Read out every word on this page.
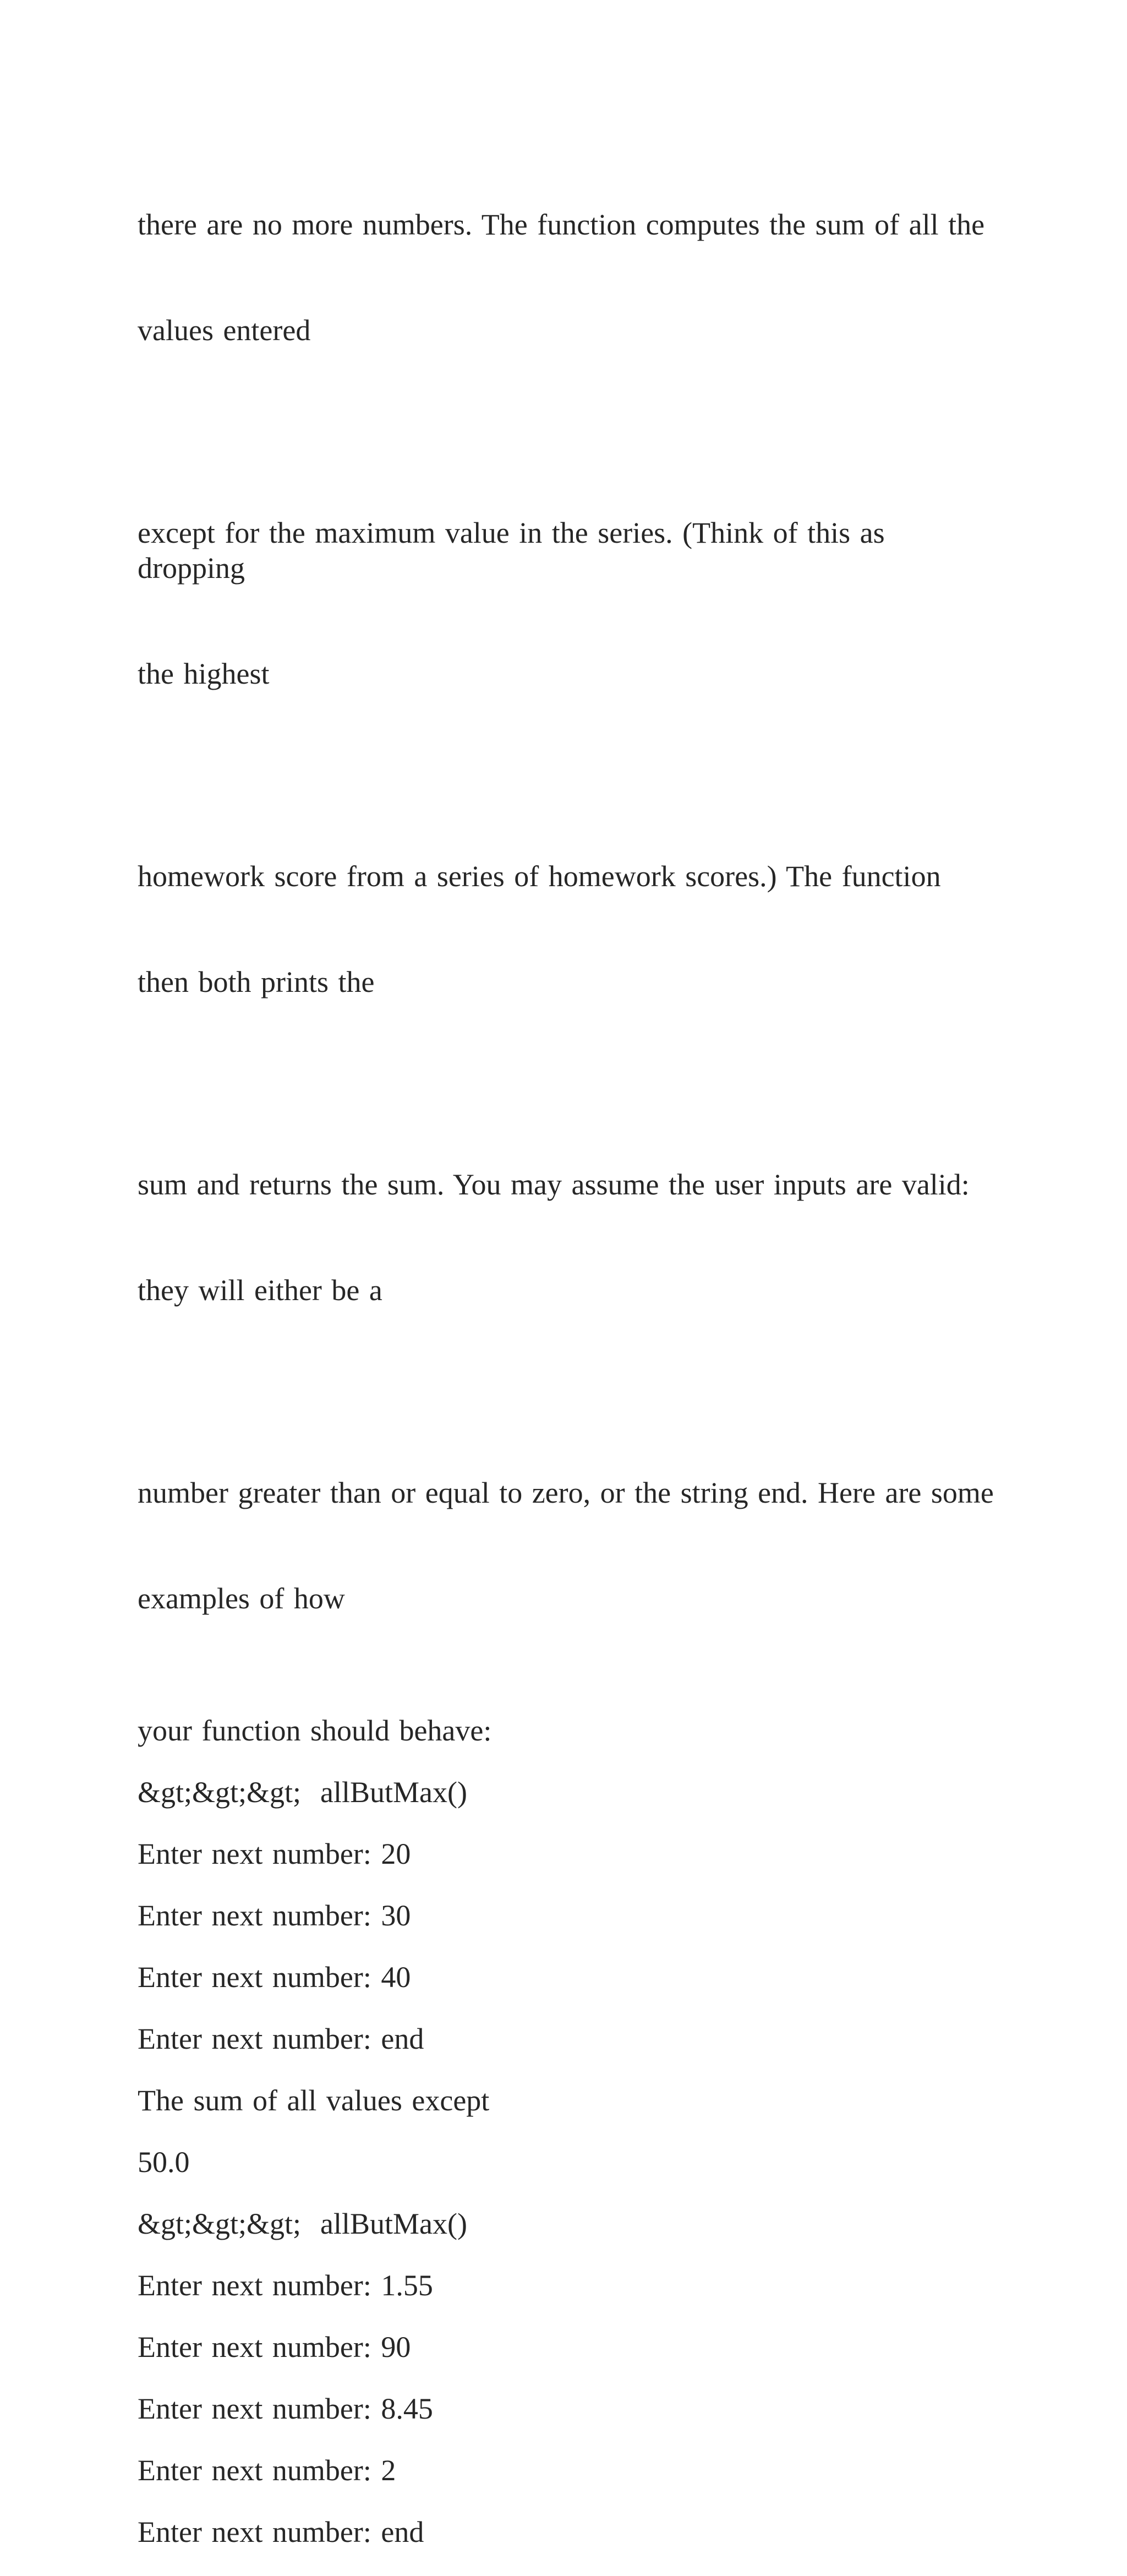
there are no more numbers. The function computes the sum of all the

values entered

except for the maximum value in the series. (Think of this as dropping

the highest

homework score from a series of homework scores.) The function

then both prints the

sum and returns the sum. You may assume the user inputs are valid:

they will either be a

number greater than or equal to zero, or the string end. Here are some

examples of how

your function should behave:

&gt;&gt;&gt;  allButMax()

Enter next number: 20

Enter next number: 30

Enter next number: 40

Enter next number: end

The sum of all values except

50.0

&gt;&gt;&gt;  allButMax()

Enter next number: 1.55

Enter next number: 90

Enter next number: 8.45

Enter next number: 2

Enter next number: end
